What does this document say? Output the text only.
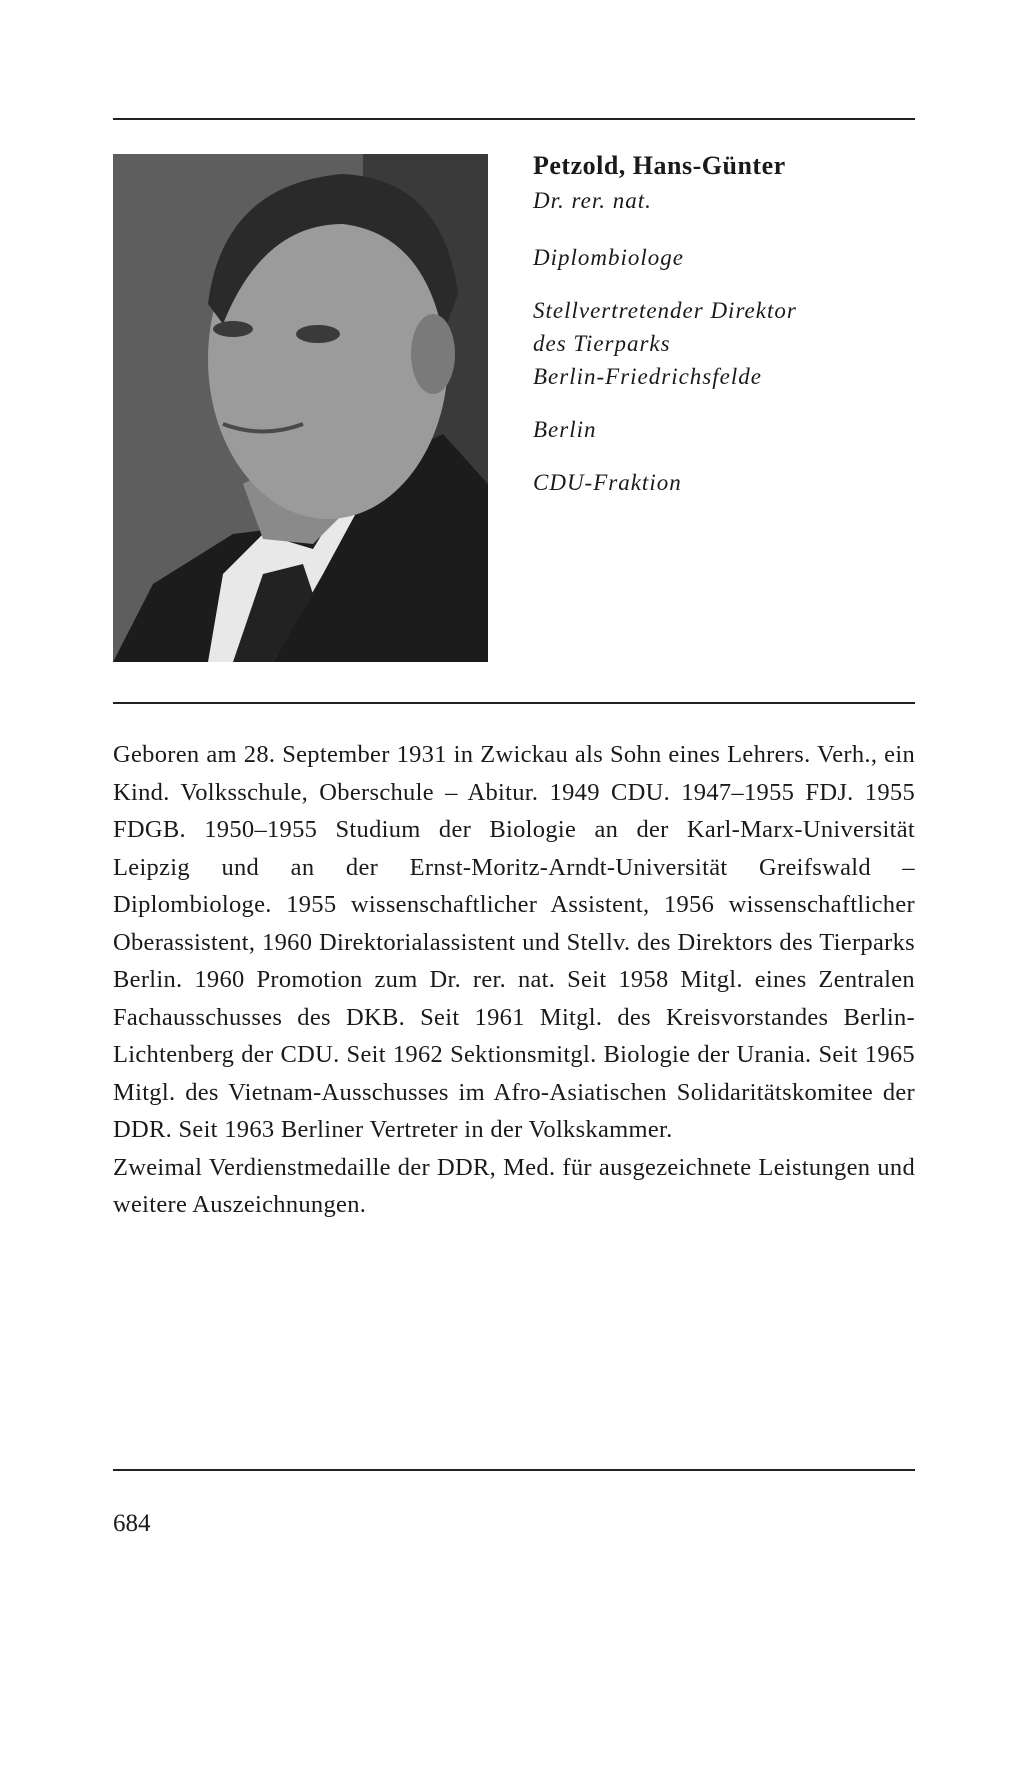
Petzold, Hans-Günter

Dr. rer. nat.

Diplombiologe

Stellvertretender Direktor

des Tierparks

Berlin-Friedrichsfelde

Berlin

CDU-Fraktion

Geboren am 28. September 1931 in Zwickau als Sohn eines Lehrers. Verh., ein Kind. Volksschule, Oberschule – Abitur. 1949 CDU. 1947–1955 FDJ. 1955 FDGB. 1950–1955 Studium der Biologie an der Karl-Marx-Universität Leipzig und an der Ernst-Moritz-Arndt-Universität Greifswald – Diplombiologe. 1955 wissenschaftlicher Assistent, 1956 wissenschaftlicher Oberassistent, 1960 Direktorialassistent und Stellv. des Direktors des Tierparks Berlin. 1960 Promotion zum Dr. rer. nat. Seit 1958 Mitgl. eines Zentralen Fachausschusses des DKB. Seit 1961 Mitgl. des Kreisvorstandes Berlin-Lichtenberg der CDU. Seit 1962 Sektionsmitgl. Biologie der Urania. Seit 1965 Mitgl. des Vietnam-Ausschusses im Afro-Asiatischen Solidaritätskomitee der DDR. Seit 1963 Berliner Vertreter in der Volkskammer.

Zweimal Verdienstmedaille der DDR, Med. für ausgezeichnete Leistungen und weitere Auszeichnungen.

684
